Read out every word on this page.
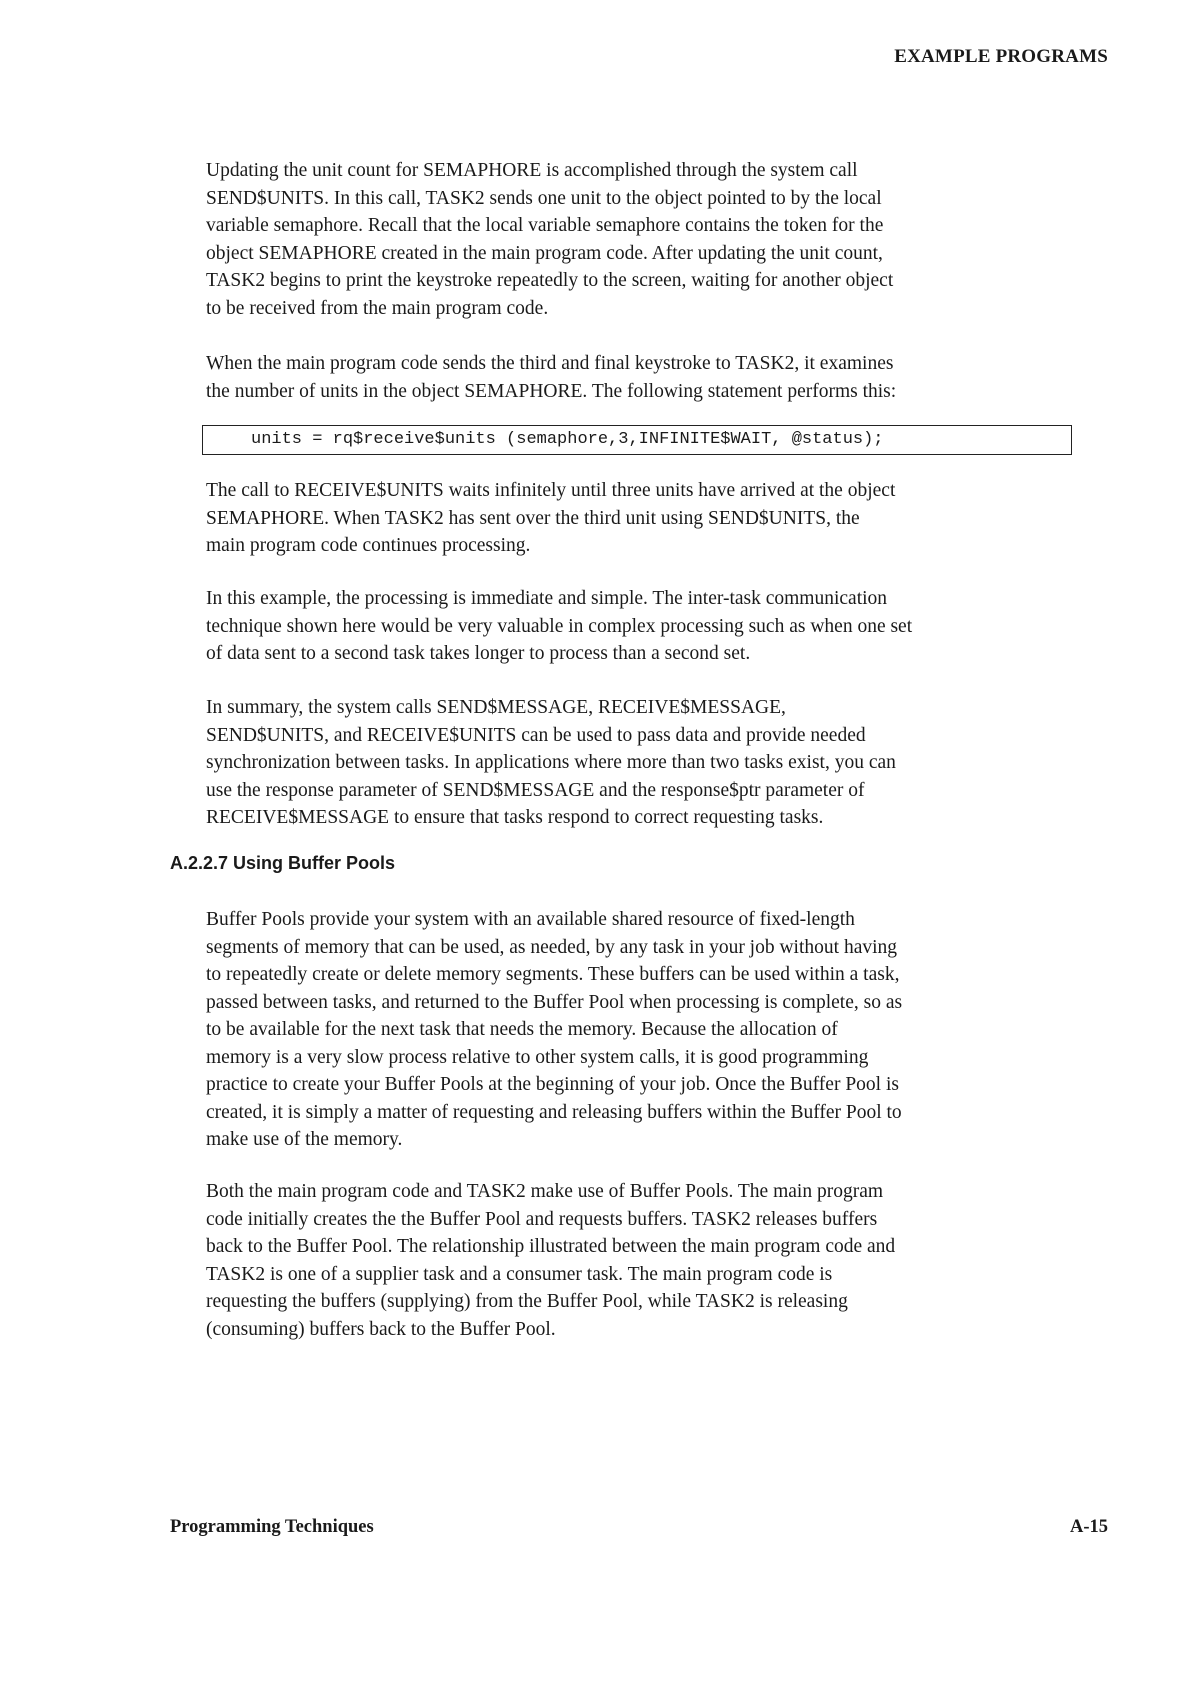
EXAMPLE PROGRAMS

Updating the unit count for SEMAPHORE is accomplished through the system call
SEND$UNITS. In this call, TASK2 sends one unit to the object pointed to by the local
variable semaphore. Recall that the local variable semaphore contains the token for the
object SEMAPHORE created in the main program code. After updating the unit count,
TASK2 begins to print the keystroke repeatedly to the screen, waiting for another object
to be received from the main program code.

When the main program code sends the third and final keystroke to TASK2, it examines
the number of units in the object SEMAPHORE. The following statement performs this:

units = rq$receive$units (semaphore,3,INFINITE$WAIT, @status);

The call to RECEIVE$UNITS waits infinitely until three units have arrived at the object
SEMAPHORE. When TASK2 has sent over the third unit using SEND$UNITS, the
main program code continues processing.

In this example, the processing is immediate and simple. The inter-task communication
technique shown here would be very valuable in complex processing such as when one set
of data sent to a second task takes longer to process than a second set.

In summary, the system calls SEND$MESSAGE, RECEIVE$MESSAGE,
SEND$UNITS, and RECEIVE$UNITS can be used to pass data and provide needed
synchronization between tasks. In applications where more than two tasks exist, you can
use the response parameter of SEND$MESSAGE and the response$ptr parameter of
RECEIVE$MESSAGE to ensure that tasks respond to correct requesting tasks.

A.2.2.7 Using Buffer Pools

Buffer Pools provide your system with an available shared resource of fixed-length
segments of memory that can be used, as needed, by any task in your job without having
to repeatedly create or delete memory segments. These buffers can be used within a task,
passed between tasks, and returned to the Buffer Pool when processing is complete, so as
to be available for the next task that needs the memory. Because the allocation of
memory is a very slow process relative to other system calls, it is good programming
practice to create your Buffer Pools at the beginning of your job. Once the Buffer Pool is
created, it is simply a matter of requesting and releasing buffers within the Buffer Pool to
make use of the memory.

Both the main program code and TASK2 make use of Buffer Pools. The main program
code initially creates the the Buffer Pool and requests buffers. TASK2 releases buffers
back to the Buffer Pool. The relationship illustrated between the main program code and
TASK2 is one of a supplier task and a consumer task. The main program code is
requesting the buffers (supplying) from the Buffer Pool, while TASK2 is releasing
(consuming) buffers back to the Buffer Pool.

Programming Techniques	A-15
